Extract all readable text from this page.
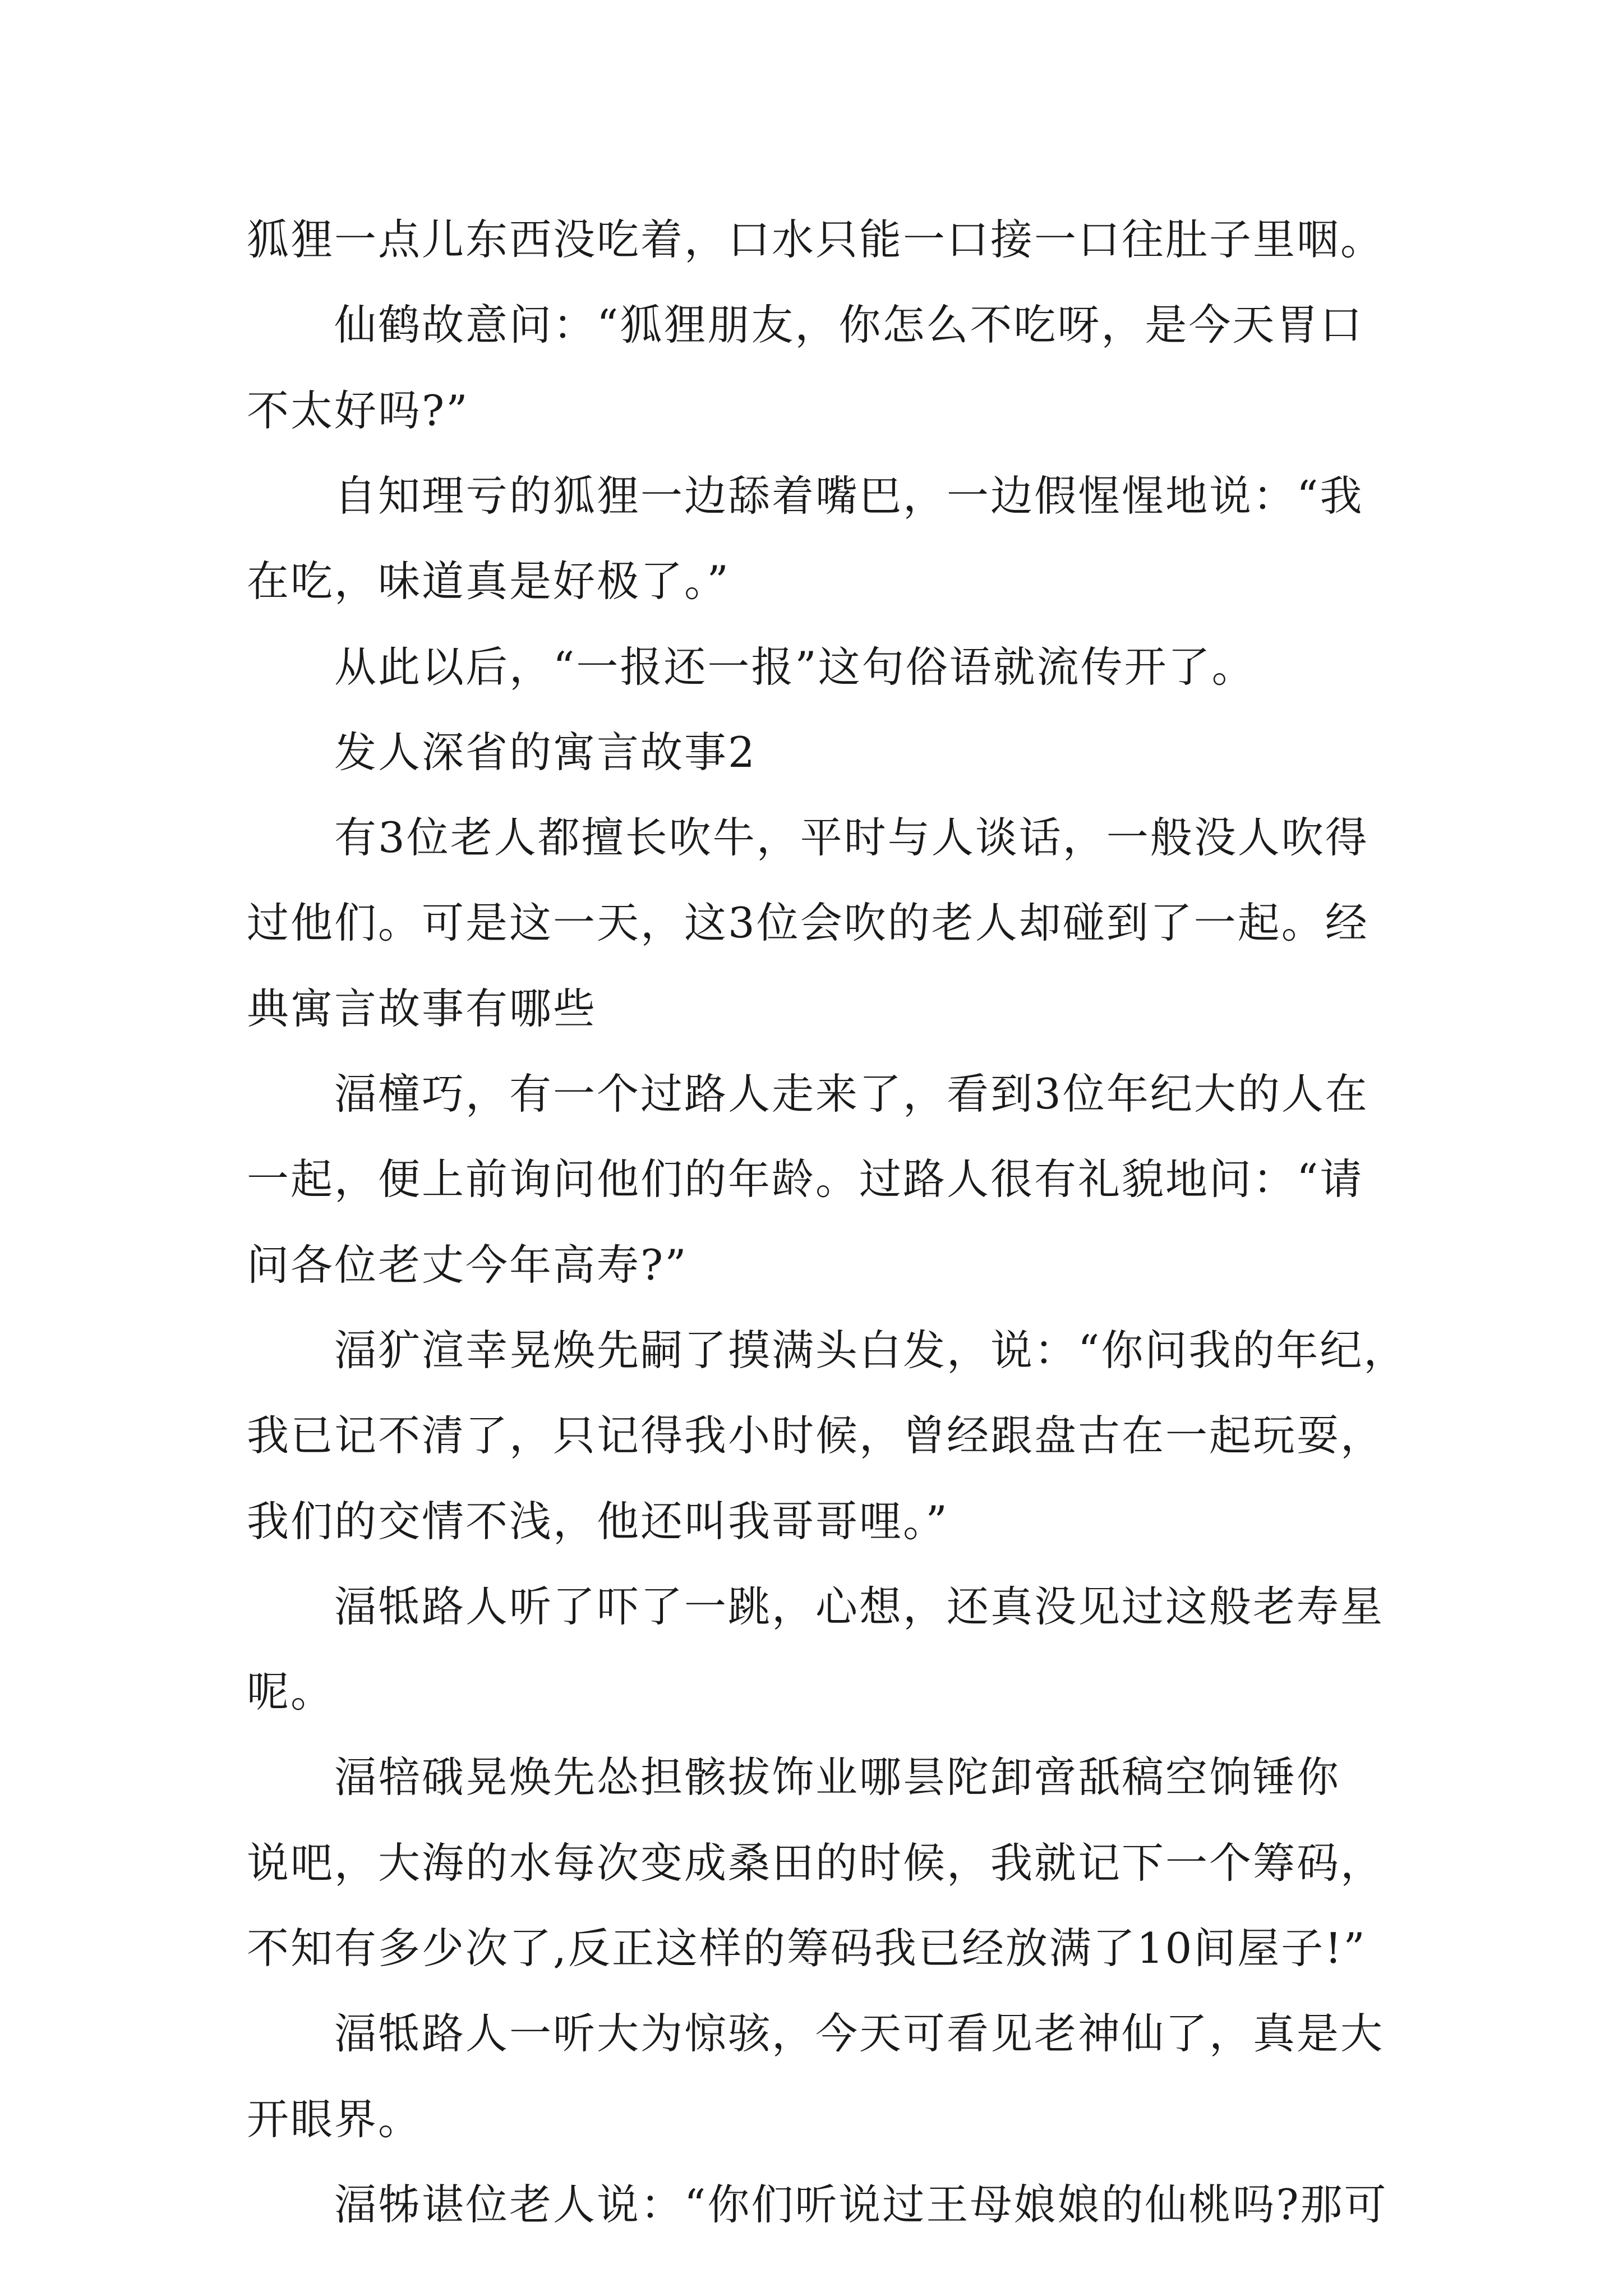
狐狸一点儿东西没吃着，口水只能一口接一口往肚子里咽。

仙鹤故意问：“狐狸朋友，你怎么不吃呀，是今天胃口

不太好吗?”

自知理亏的狐狸一边舔着嘴巴，一边假惺惺地说：“我

在吃，味道真是好极了。”

从此以后，“一报还一报”这句俗语就流传开了。

发人深省的寓言故事2

有3位老人都擅长吹牛，平时与人谈话，一般没人吹得

过他们。可是这一天，这3位会吹的老人却碰到了一起。经

典寓言故事有哪些

湢橦巧，有一个过路人走来了，看到3位年纪大的人在

一起，便上前询问他们的年龄。过路人很有礼貌地问：“请

问各位老丈今年高寿?”

湢犷渲幸晃焕先嗣了摸满头白发，说：“你问我的年纪，

我已记不清了，只记得我小时候，曾经跟盘古在一起玩耍，

我们的交情不浅，他还叫我哥哥哩。”

湢牴路人听了吓了一跳，心想，还真没见过这般老寿星

呢。

湢犃硪晃焕先怂担骸拔饰业哪昙陀卸啻舐稿空饷锤你

说吧，大海的水每次变成桑田的时候，我就记下一个筹码，

不知有多少次了,反正这样的筹码我已经放满了10间屋子!”

湢牴路人一听大为惊骇，今天可看见老神仙了，真是大

开眼界。

湢牬谌位老人说：“你们听说过王母娘娘的仙桃吗?那可
